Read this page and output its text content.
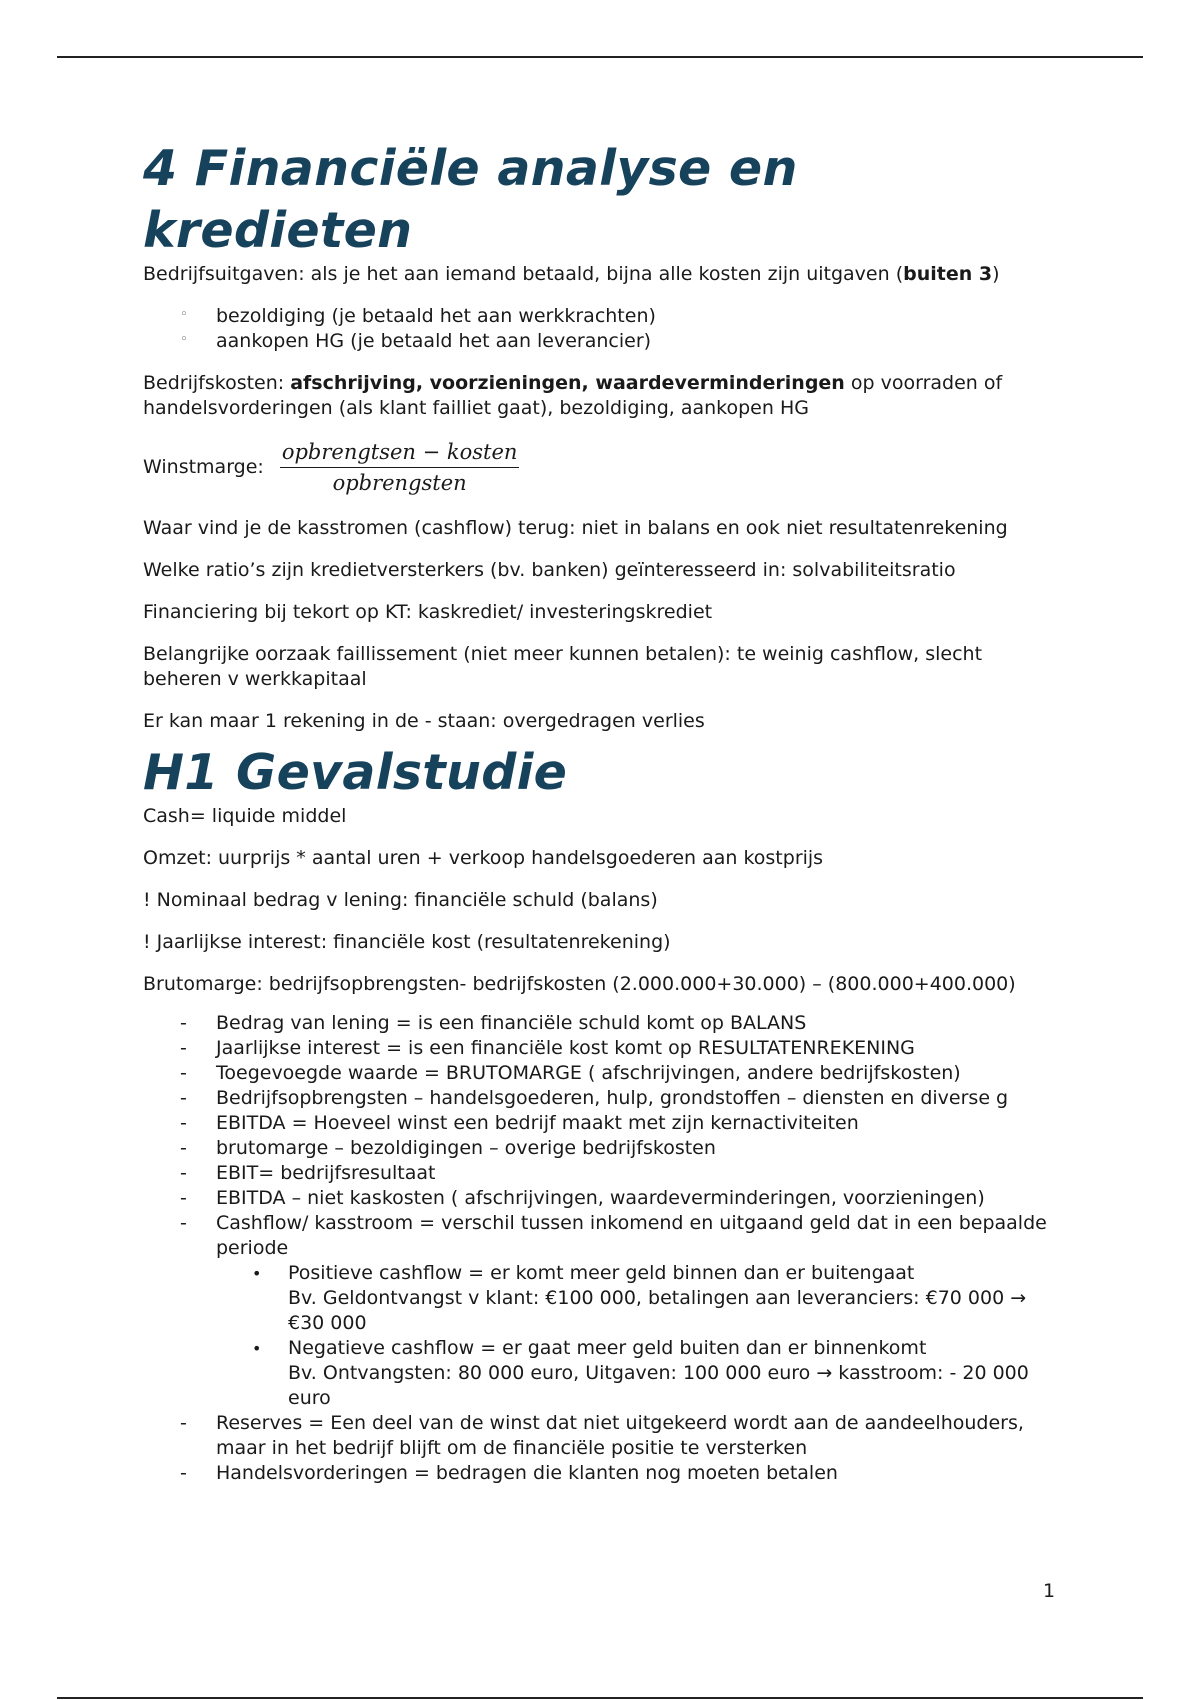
4 Financiële analyse en kredieten

Bedrijfsuitgaven: als je het aan iemand betaald, bijna alle kosten zijn uitgaven (buiten 3)

◦ bezoldiging (je betaald het aan werkkrachten)
◦ aankopen HG (je betaald het aan leverancier)

Bedrijfskosten: afschrijving, voorzieningen, waardeverminderingen op voorraden of handelsvorderingen (als klant failliet gaat), bezoldiging, aankopen HG

Winstmarge: $\frac{\text{opbrengtsen − kosten}}{\text{opbrengsten}}$

Waar vind je de kasstromen (cashflow) terug: niet in balans en ook niet resultatenrekening

Welke ratio’s zijn kredietversterkers (bv. banken) geïnteresseerd in: solvabiliteitsratio

Financiering bij tekort op KT: kaskrediet/ investeringskrediet

Belangrijke oorzaak faillissement (niet meer kunnen betalen): te weinig cashflow, slecht beheren v werkkapitaal

Er kan maar 1 rekening in de - staan: overgedragen verlies

H1 Gevalstudie

Cash= liquide middel

Omzet: uurprijs * aantal uren + verkoop handelsgoederen aan kostprijs

! Nominaal bedrag v lening: financiële schuld (balans)

! Jaarlijkse interest: financiële kost (resultatenrekening)

Brutomarge: bedrijfsopbrengsten- bedrijfskosten (2.000.000+30.000) – (800.000+400.000)

- Bedrag van lening = is een financiële schuld komt op BALANS
- Jaarlijkse interest = is een financiële kost komt op RESULTATENREKENING
- Toegevoegde waarde = BRUTOMARGE ( afschrijvingen, andere bedrijfskosten)
- Bedrijfsopbrengsten – handelsgoederen, hulp, grondstoffen – diensten en diverse g
- EBITDA = Hoeveel winst een bedrijf maakt met zijn kernactiviteiten
- brutomarge – bezoldigingen – overige bedrijfskosten
- EBIT= bedrijfsresultaat
- EBITDA – niet kaskosten ( afschrijvingen, waardeverminderingen, voorzieningen)
- Cashflow/ kasstroom = verschil tussen inkomend en uitgaand geld dat in een bepaalde periode
• Positieve cashflow = er komt meer geld binnen dan er buitengaat
Bv. Geldontvangst v klant: €100 000, betalingen aan leveranciers: €70 000 → €30 000
• Negatieve cashflow = er gaat meer geld buiten dan er binnenkomt
Bv. Ontvangsten: 80 000 euro, Uitgaven: 100 000 euro → kasstroom: - 20 000 euro
- Reserves = Een deel van de winst dat niet uitgekeerd wordt aan de aandeelhouders, maar in het bedrijf blijft om de financiële positie te versterken
- Handelsvorderingen = bedragen die klanten nog moeten betalen
1
